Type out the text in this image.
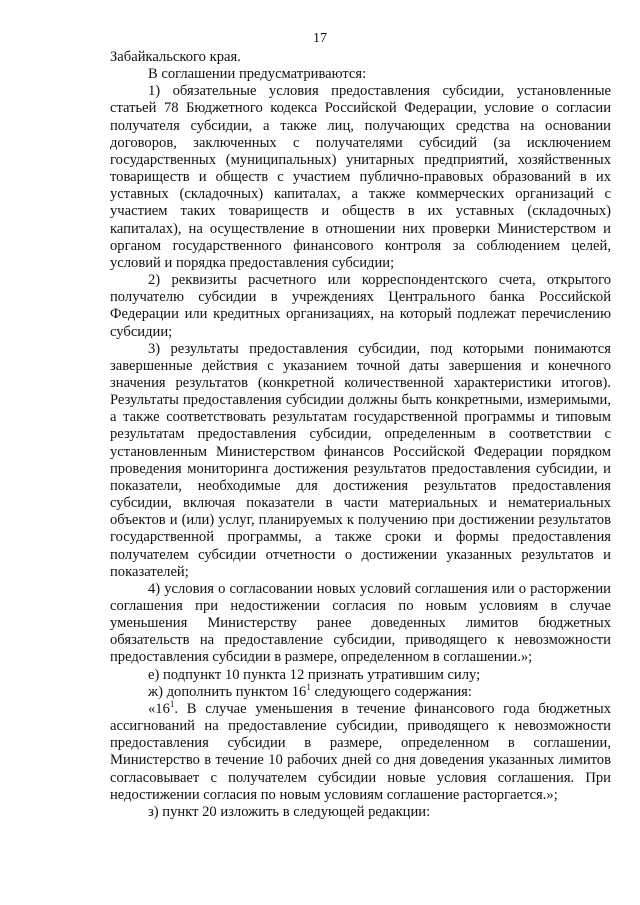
17

Забайкальского края.

В соглашении предусматриваются:

1) обязательные условия предоставления субсидии, установленные статьей 78 Бюджетного кодекса Российской Федерации, условие о согласии получателя субсидии, а также лиц, получающих средства на основании договоров, заключенных с получателями субсидий (за исключением государственных (муниципальных) унитарных предприятий, хозяйственных товариществ и обществ с участием публично-правовых образований в их уставных (складочных) капиталах, а также коммерческих организаций с участием таких товариществ и обществ в их уставных (складочных) капиталах), на осуществление в отношении них проверки Министерством и органом государственного финансового контроля за соблюдением целей, условий и порядка предоставления субсидии;

2) реквизиты расчетного или корреспондентского счета, открытого получателю субсидии в учреждениях Центрального банка Российской Федерации или кредитных организациях, на который подлежат перечислению субсидии;

3) результаты предоставления субсидии, под которыми понимаются завершенные действия с указанием точной даты завершения и конечного значения результатов (конкретной количественной характеристики итогов). Результаты предоставления субсидии должны быть конкретными, измеримыми, а также соответствовать результатам государственной программы и типовым результатам предоставления субсидии, определенным в соответствии с установленным Министерством финансов Российской Федерации порядком проведения мониторинга достижения результатов предоставления субсидии, и показатели, необходимые для достижения результатов предоставления субсидии, включая показатели в части материальных и нематериальных объектов и (или) услуг, планируемых к получению при достижении результатов государственной программы, а также сроки и формы предоставления получателем субсидии отчетности о достижении указанных результатов и показателей;

4) условия о согласовании новых условий соглашения или о расторжении соглашения при недостижении согласия по новым условиям в случае уменьшения Министерству ранее доведенных лимитов бюджетных обязательств на предоставление субсидии, приводящего к невозможности предоставления субсидии в размере, определенном в соглашении.»;

е) подпункт 10 пункта 12 признать утратившим силу;

ж) дополнить пунктом $16^1$ следующего содержания:

«$16^1$. В случае уменьшения в течение финансового года бюджетных ассигнований на предоставление субсидии, приводящего к невозможности предоставления субсидии в размере, определенном в соглашении, Министерство в течение 10 рабочих дней со дня доведения указанных лимитов согласовывает с получателем субсидии новые условия соглашения. При недостижении согласия по новым условиям соглашение расторгается.»;

з) пункт 20 изложить в следующей редакции:
